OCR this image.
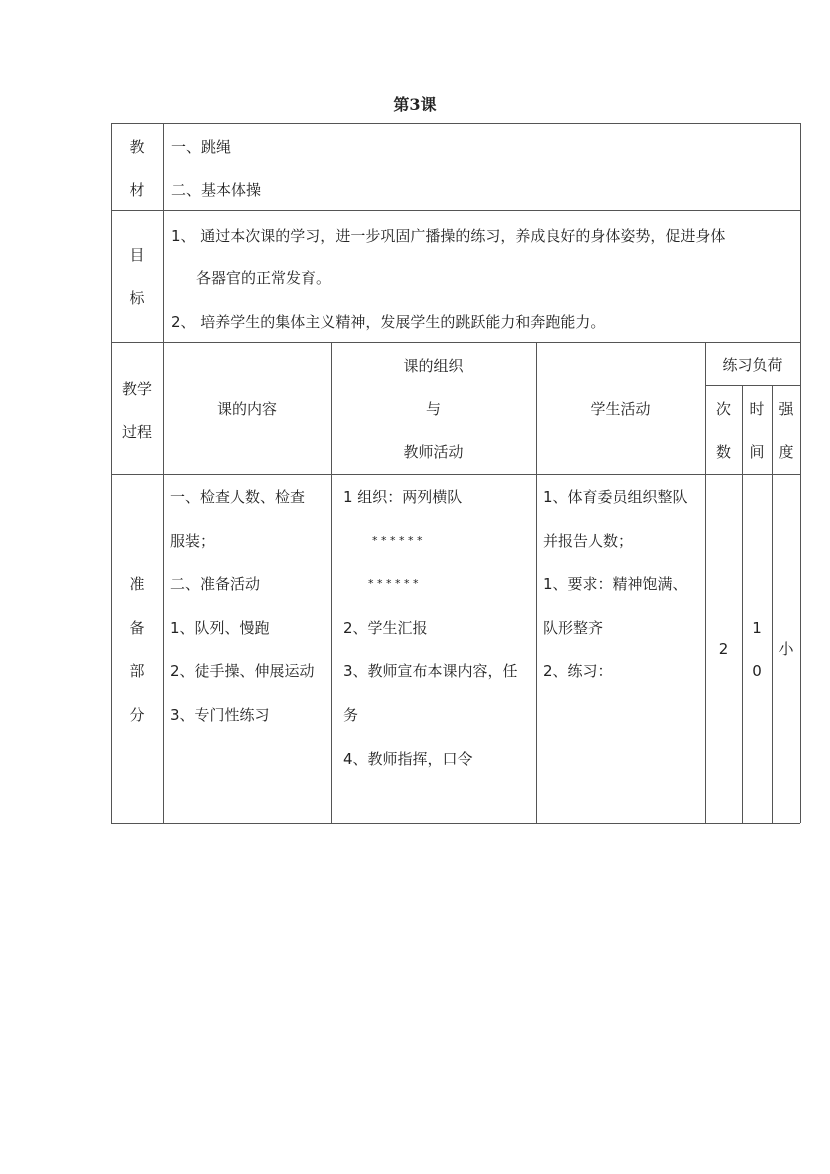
第3课
教
材
一、跳绳
二、基本体操
目
标
1、 通过本次课的学习，进一步巩固广播操的练习，养成良好的身体姿势，促进身体
各器官的正常发育。
2、 培养学生的集体主义精神，发展学生的跳跃能力和奔跑能力。
教学
过程
课的内容
课的组织
与
教师活动
学生活动
练习负荷
次
数
时
间
强
度
准
备
部
分
一、检查人数、检查
服装；
二、准备活动
1、队列、慢跑
2、徒手操、伸展运动
3、专门性练习
1 组织：两列横队
* * * * * *
* * * * * *
2、学生汇报
3、教师宣布本课内容，任
务
4、教师指挥，口令
1、体育委员组织整队
并报告人数；
1、要求：精神饱满、
队形整齐
2、练习：
2
1
0
小
